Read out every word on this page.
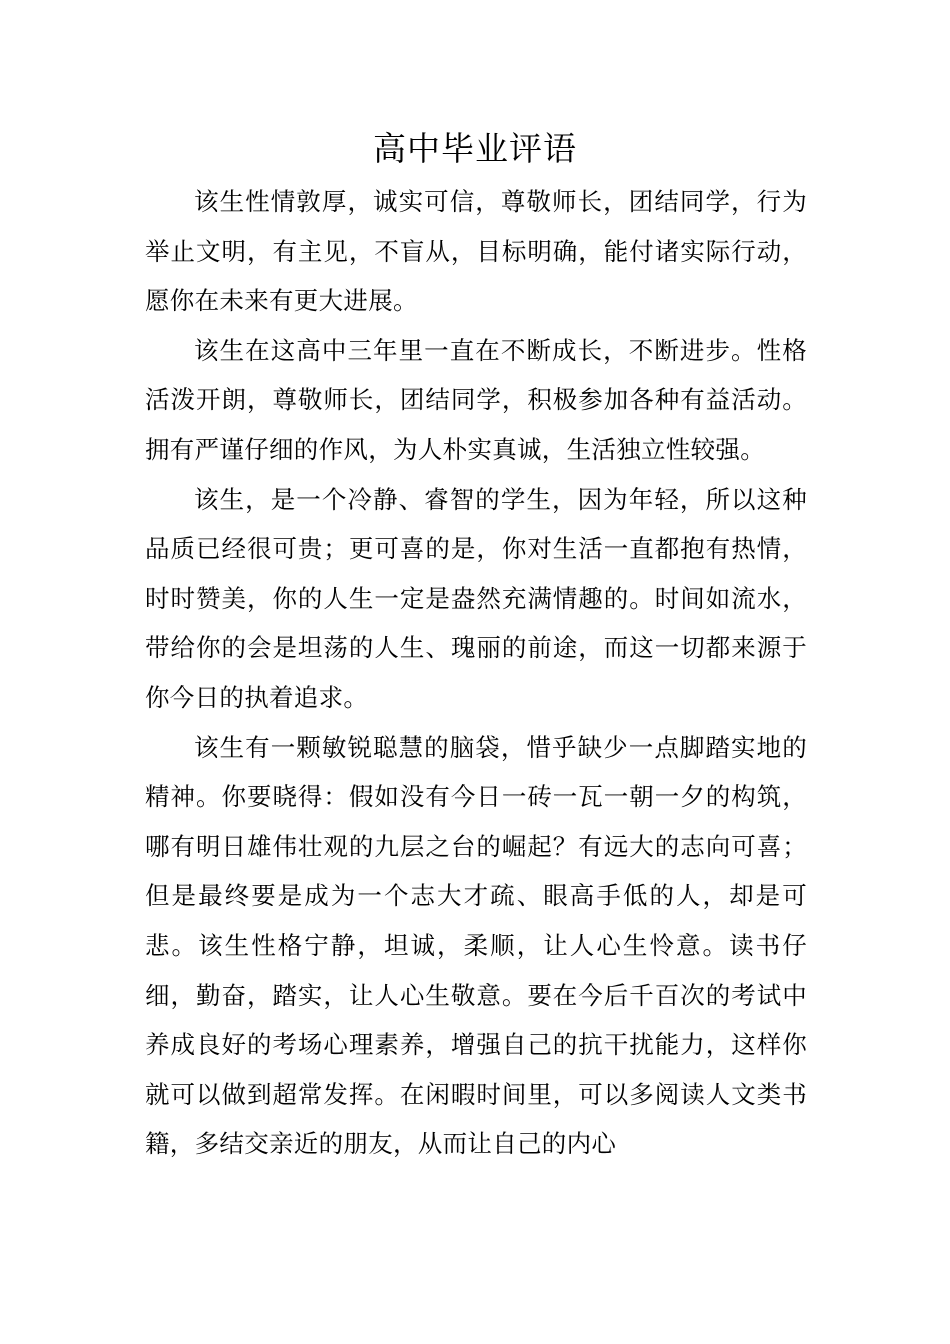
高中毕业评语

该生性情敦厚，诚实可信，尊敬师长，团结同学，行为举止文明，有主见，不盲从，目标明确，能付诸实际行动，愿你在未来有更大进展。

该生在这高中三年里一直在不断成长，不断进步。性格活泼开朗，尊敬师长，团结同学，积极参加各种有益活动。拥有严谨仔细的作风，为人朴实真诚，生活独立性较强。

该生，是一个冷静、睿智的学生，因为年轻，所以这种品质已经很可贵；更可喜的是，你对生活一直都抱有热情，时时赞美，你的人生一定是盎然充满情趣的。时间如流水，带给你的会是坦荡的人生、瑰丽的前途，而这一切都来源于你今日的执着追求。

该生有一颗敏锐聪慧的脑袋，惜乎缺少一点脚踏实地的精神。你要晓得：假如没有今日一砖一瓦一朝一夕的构筑，哪有明日雄伟壮观的九层之台的崛起？有远大的志向可喜；但是最终要是成为一个志大才疏、眼高手低的人，却是可悲。该生性格宁静，坦诚，柔顺，让人心生怜意。读书仔细，勤奋，踏实，让人心生敬意。要在今后千百次的考试中养成良好的考场心理素养，增强自己的抗干扰能力，这样你就可以做到超常发挥。在闲暇时间里，可以多阅读人文类书籍，多结交亲近的朋友，从而让自己的内心
